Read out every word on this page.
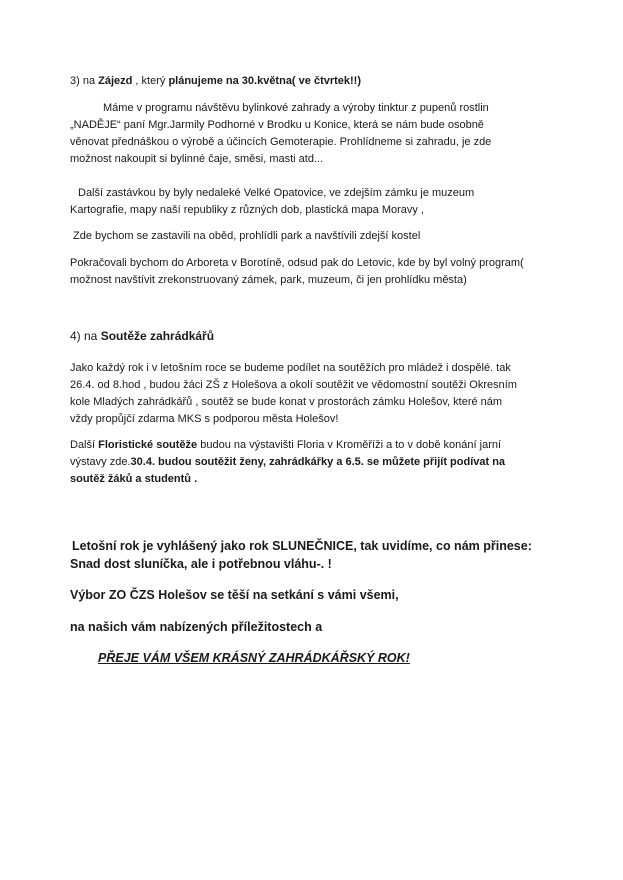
3) na Zájezd , který plánujeme na 30.května( ve čtvrtek!!)
Máme v programu návštěvu bylinkové zahrady a výroby tinktur z pupenů rostlin
„NADĚJE“ paní Mgr.Jarmily Podhorné v Brodku u Konice, která se nám bude osobně
věnovat přednáškou o výrobě a účincích Gemoterapie. Prohlídneme si zahradu, je zde
možnost nakoupit si bylinné čaje, směsi, masti atd...
Další zastávkou by byly nedaleké Velké Opatovice, ve zdejším zámku je muzeum
Kartografie, mapy naší republiky z různých dob, plastická mapa Moravy ,
Zde bychom se zastavili na oběd, prohlídli park a navštívili zdejší kostel
Pokračovali bychom do Arboreta v Borotíně, odsud pak do Letovic, kde by byl volný program(
možnost navštívit zrekonstruovaný zámek, park, muzeum, či jen prohlídku města)
4) na Soutěže zahrádkářů
Jako každý rok i v letošním roce se budeme podílet na soutěžích pro mládež i dospělé. tak
26.4. od 8.hod , budou žáci ZŠ z Holešova a okolí soutěžit ve vědomostní soutěži Okresním
kole Mladých zahrádkářů , soutěž se bude konat v prostorách zámku Holešov, které nám
vždy propůjčí zdarma MKS s podporou města Holešov!
Další Floristické soutěže budou na výstavišti Floria v Kroměříži a to v době konání jarní
výstavy zde.30.4. budou soutěžit ženy, zahrádkářky a 6.5. se můžete přijít podívat na
soutěž žáků a studentů .
Letošní rok je vyhlášený jako rok SLUNEČNICE, tak uvidíme, co nám přinese:
Snad dost sluníčka, ale i potřebnou vláhu-. !
Výbor ZO ČZS Holešov se těší na setkání s vámi všemi,
na našich vám nabízených příležitostech a
PŘEJE VÁM VŠEM KRÁSNÝ ZAHRÁDKÁŘSKÝ ROK!
